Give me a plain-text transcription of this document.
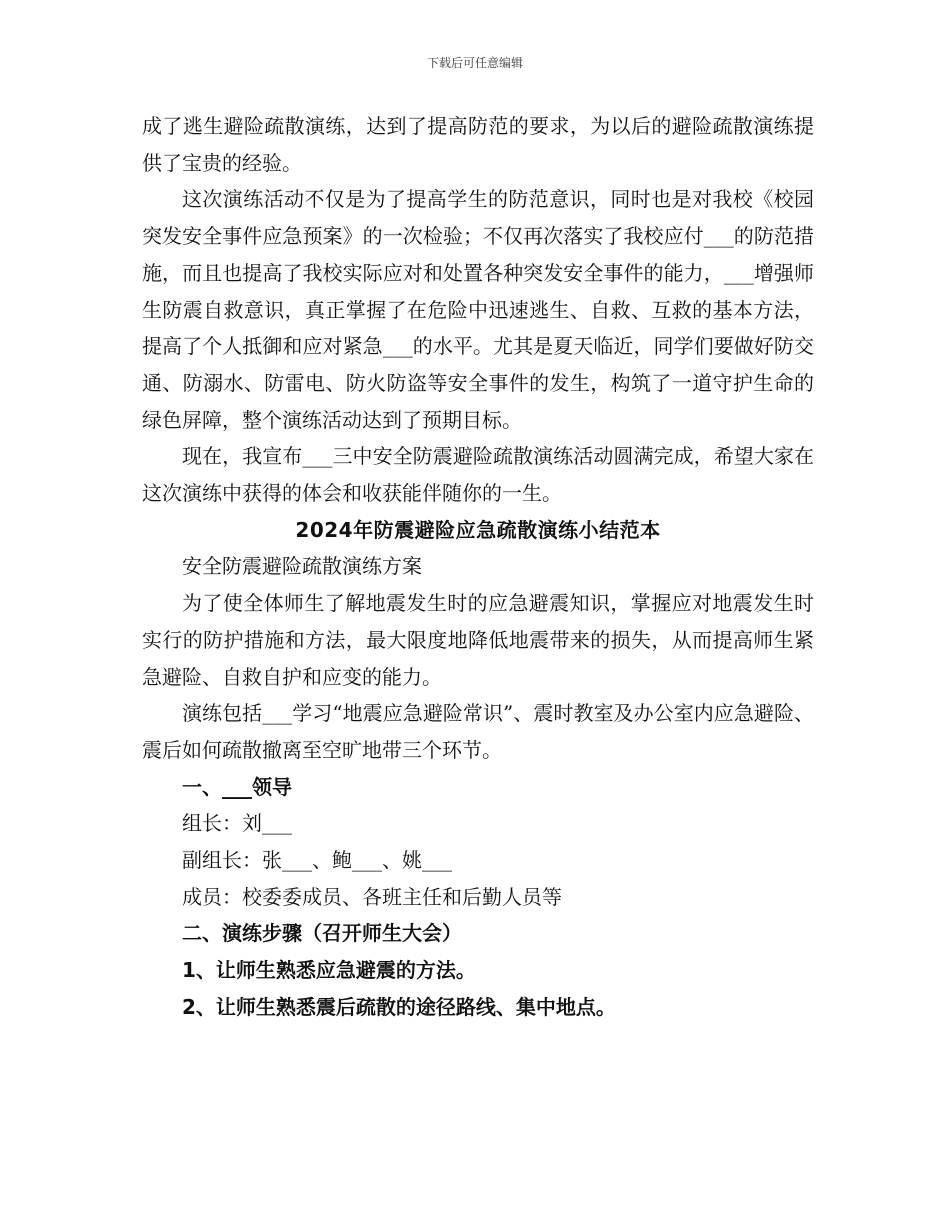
下载后可任意编辑

成了逃生避险疏散演练，达到了提高防范的要求，为以后的避险疏散演练提供了宝贵的经验。

这次演练活动不仅是为了提高学生的防范意识，同时也是对我校《校园突发安全事件应急预案》的一次检验；不仅再次落实了我校应付___的防范措施，而且也提高了我校实际应对和处置各种突发安全事件的能力，___增强师生防震自救意识，真正掌握了在危险中迅速逃生、自救、互救的基本方法，提高了个人抵御和应对紧急___的水平。尤其是夏天临近，同学们要做好防交通、防溺水、防雷电、防火防盗等安全事件的发生，构筑了一道守护生命的绿色屏障，整个演练活动达到了预期目标。

现在，我宣布___三中安全防震避险疏散演练活动圆满完成，希望大家在这次演练中获得的体会和收获能伴随你的一生。

2024年防震避险应急疏散演练小结范本

安全防震避险疏散演练方案

为了使全体师生了解地震发生时的应急避震知识，掌握应对地震发生时实行的防护措施和方法，最大限度地降低地震带来的损失，从而提高师生紧急避险、自救自护和应变的能力。

演练包括___学习“地震应急避险常识”、震时教室及办公室内应急避险、震后如何疏散撤离至空旷地带三个环节。

一、___领导

组长：刘___

副组长：张___、鲍___、姚___

成员：校委委成员、各班主任和后勤人员等

二、演练步骤（召开师生大会）

1、让师生熟悉应急避震的方法。

2、让师生熟悉震后疏散的途径路线、集中地点。
